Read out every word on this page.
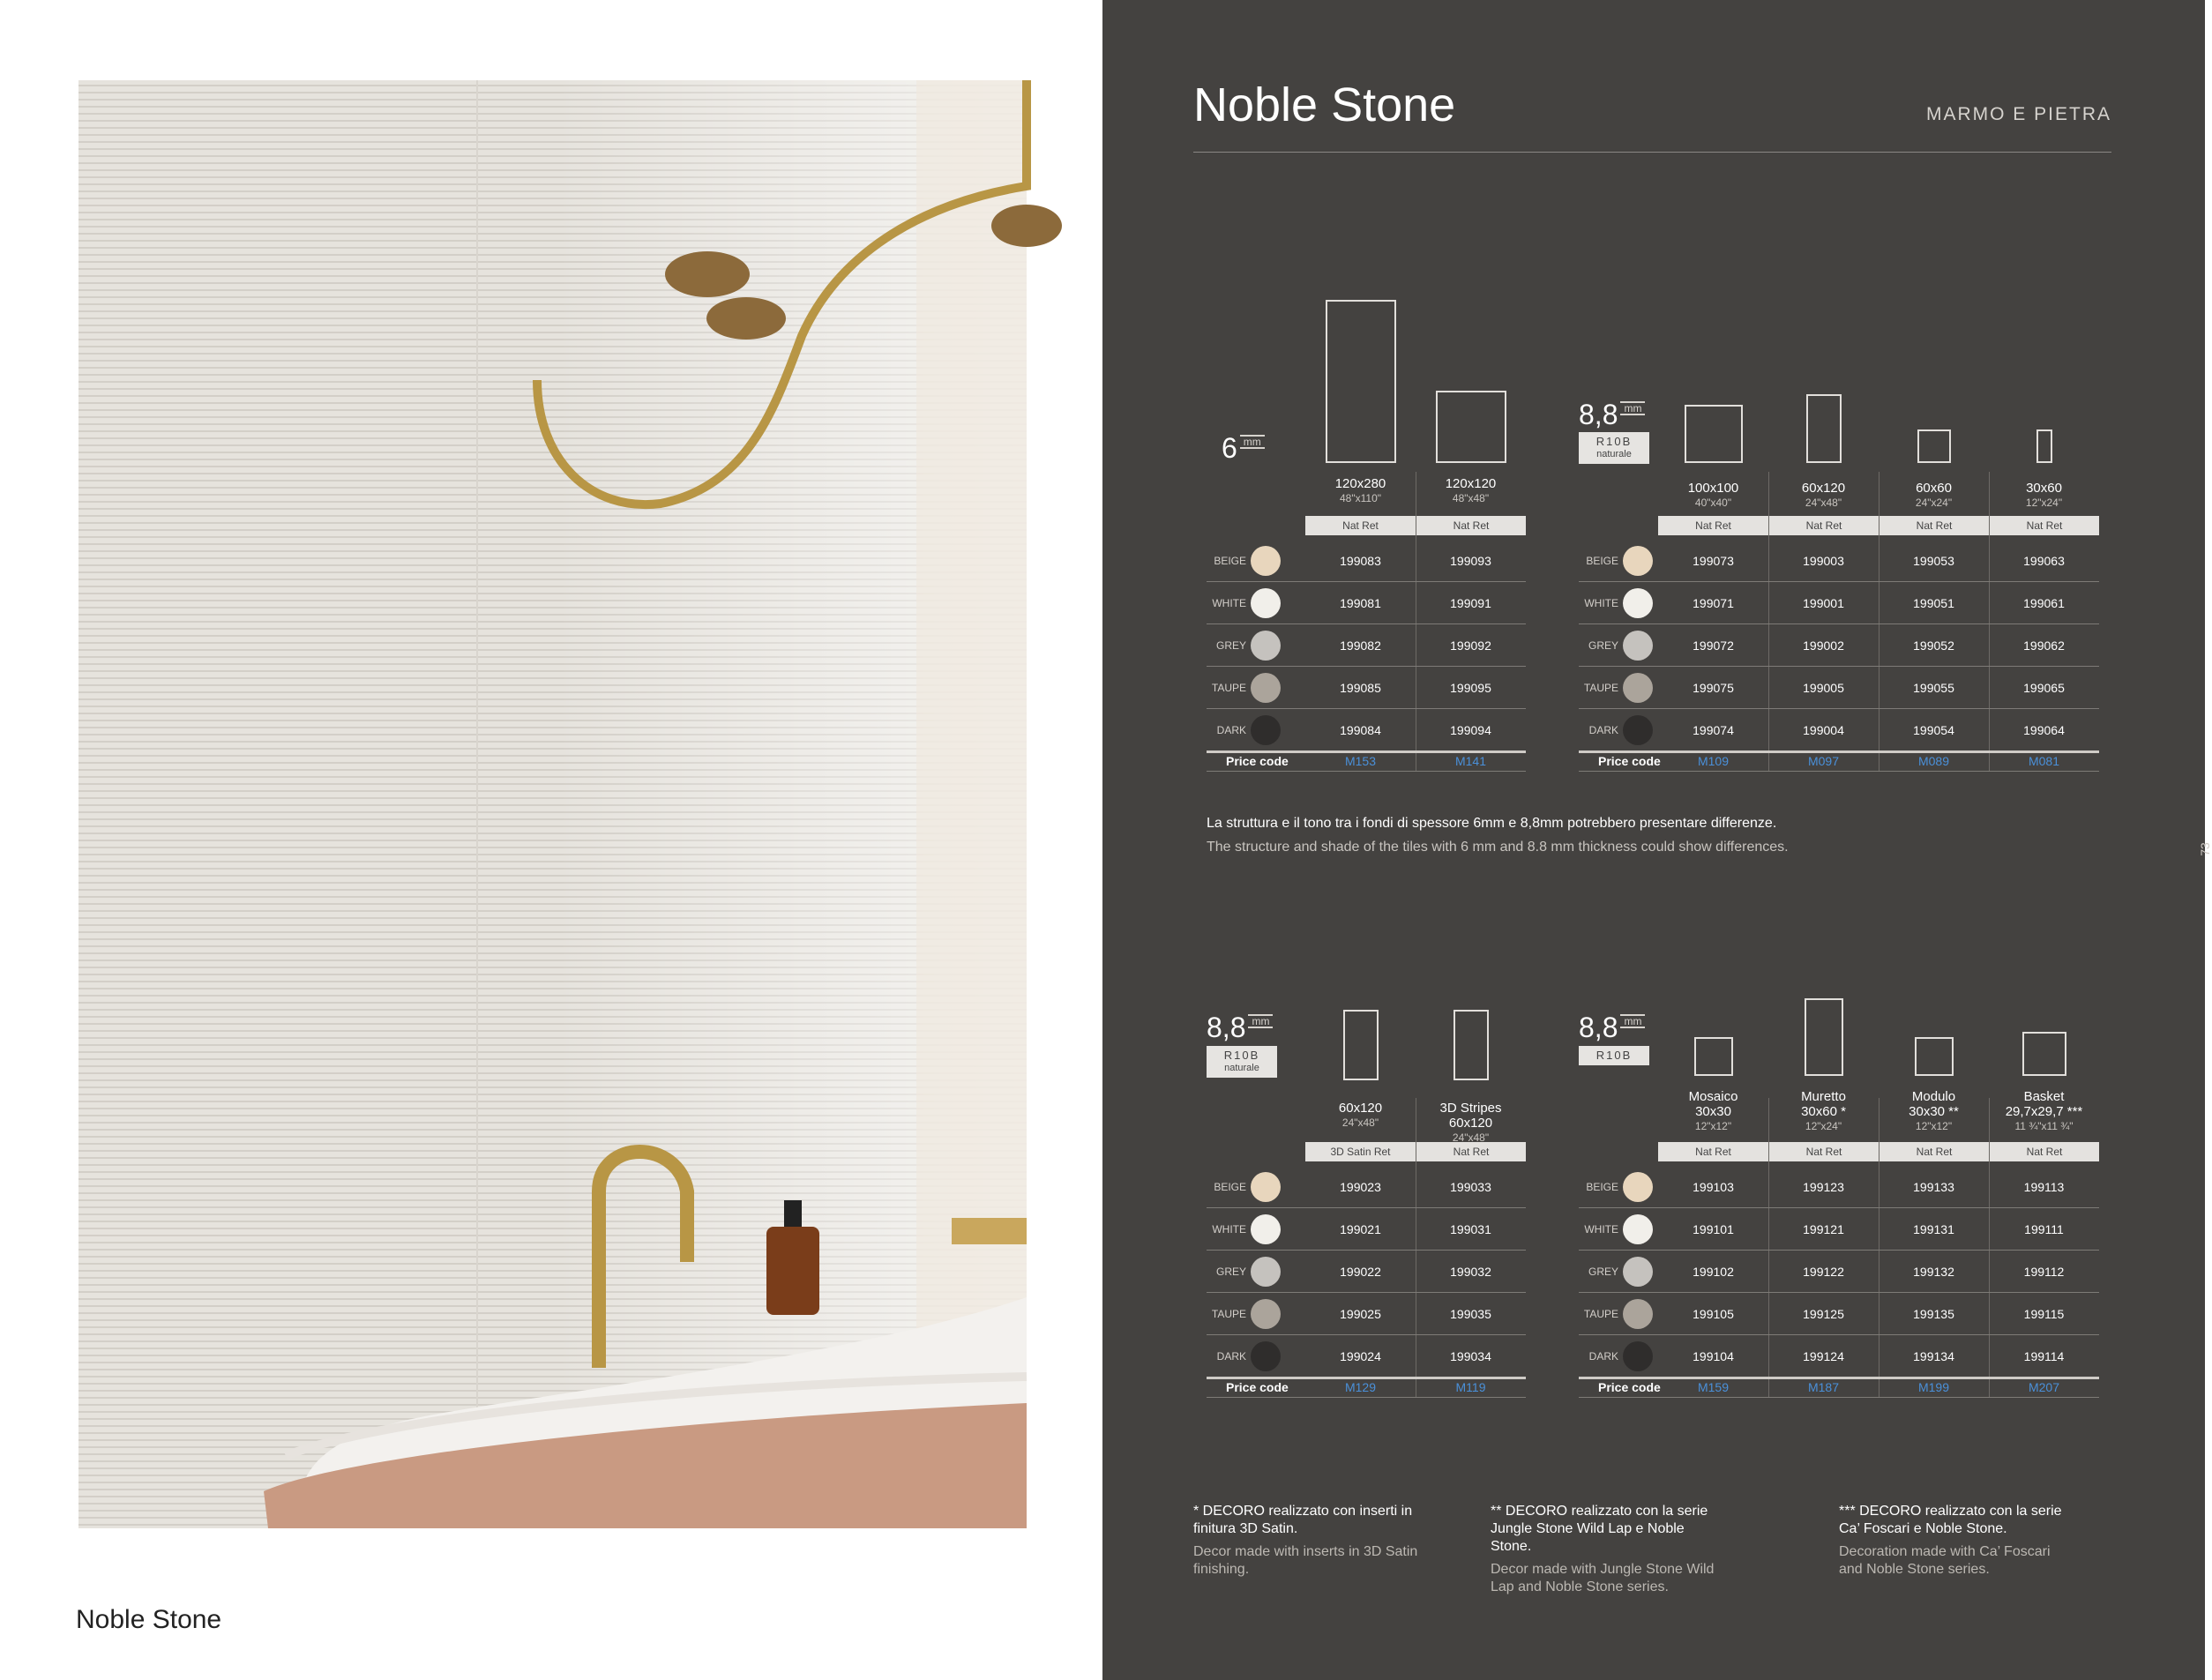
Noble Stone
Noble Stone	MARMO E PIETRA
73
6 mm
120x280
48"x110"
Nat Ret
199083
199081
199082
199085
199084
M153
120x120
48"x48"
Nat Ret
199093
199091
199092
199095
199094
M141
BEIGE
WHITE
GREY
TAUPE
DARK
Price code
8,8 mm
R10B
naturale
100x100
40"x40"
Nat Ret
199073
199071
199072
199075
199074
M109
60x120
24"x48"
Nat Ret
199003
199001
199002
199005
199004
M097
60x60
24"x24"
Nat Ret
199053
199051
199052
199055
199054
M089
30x60
12"x24"
Nat Ret
199063
199061
199062
199065
199064
M081
BEIGE
WHITE
GREY
TAUPE
DARK
Price code
8,8 mm
R10B
naturale
60x120
24"x48"
3D Satin Ret
199023
199021
199022
199025
199024
M129
3D Stripes
60x120
24"x48"
Nat Ret
199033
199031
199032
199035
199034
M119
BEIGE
WHITE
GREY
TAUPE
DARK
Price code
8,8 mm
R10B
Mosaico
30x30
12"x12"
Nat Ret
199103
199101
199102
199105
199104
M159
Muretto
30x60 *
12"x24"
Nat Ret
199123
199121
199122
199125
199124
M187
Modulo
30x30 **
12"x12"
Nat Ret
199133
199131
199132
199135
199134
M199
Basket
29,7x29,7 ***
11 ¾"x11 ¾"
Nat Ret
199113
199111
199112
199115
199114
M207
BEIGE
WHITE
GREY
TAUPE
DARK
Price code
La struttura e il tono tra i fondi di spessore 6mm e 8,8mm potrebbero presentare differenze.
The structure and shade of the tiles with 6 mm and 8.8 mm thickness could show differences.
* DECORO realizzato con inserti in finitura 3D Satin.
Decor made with inserts in 3D Satin finishing.
** DECORO realizzato con la serie Jungle Stone Wild Lap e Noble Stone.
Decor made with Jungle Stone Wild Lap and Noble Stone series.
*** DECORO realizzato con la serie Ca’ Foscari e Noble Stone.
Decoration made with Ca’ Foscari and Noble Stone series.
